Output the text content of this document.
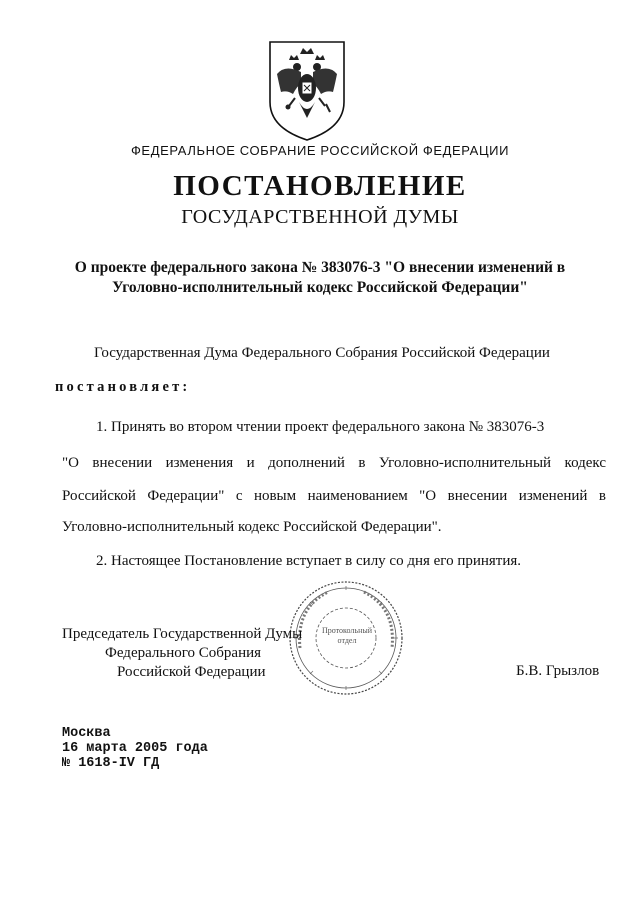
ФЕДЕРАЛЬНОЕ СОБРАНИЕ РОССИЙСКОЙ ФЕДЕРАЦИИ
ПОСТАНОВЛЕНИЕ
ГОСУДАРСТВЕННОЙ ДУМЫ
О проекте федерального закона № 383076-3 "О внесении изменений в
Уголовно-исполнительный кодекс Российской Федерации"
Государственная Дума Федерального Собрания Российской Федерации
постановляет:
1. Принять во втором чтении проект федерального закона № 383076-3
"О внесении изменения и дополнений в Уголовно-исполнительный кодекс
Российской Федерации" с новым наименованием "О внесении изменений в
Уголовно-исполнительный кодекс Российской Федерации".
2. Настоящее Постановление вступает в силу со дня его принятия.
Протокольный отдел
Председатель Государственной Думы
Федерального Собрания
Российской Федерации	Б.В. Грызлов
Москва
16 марта 2005 года
№ 1618-IV ГД
